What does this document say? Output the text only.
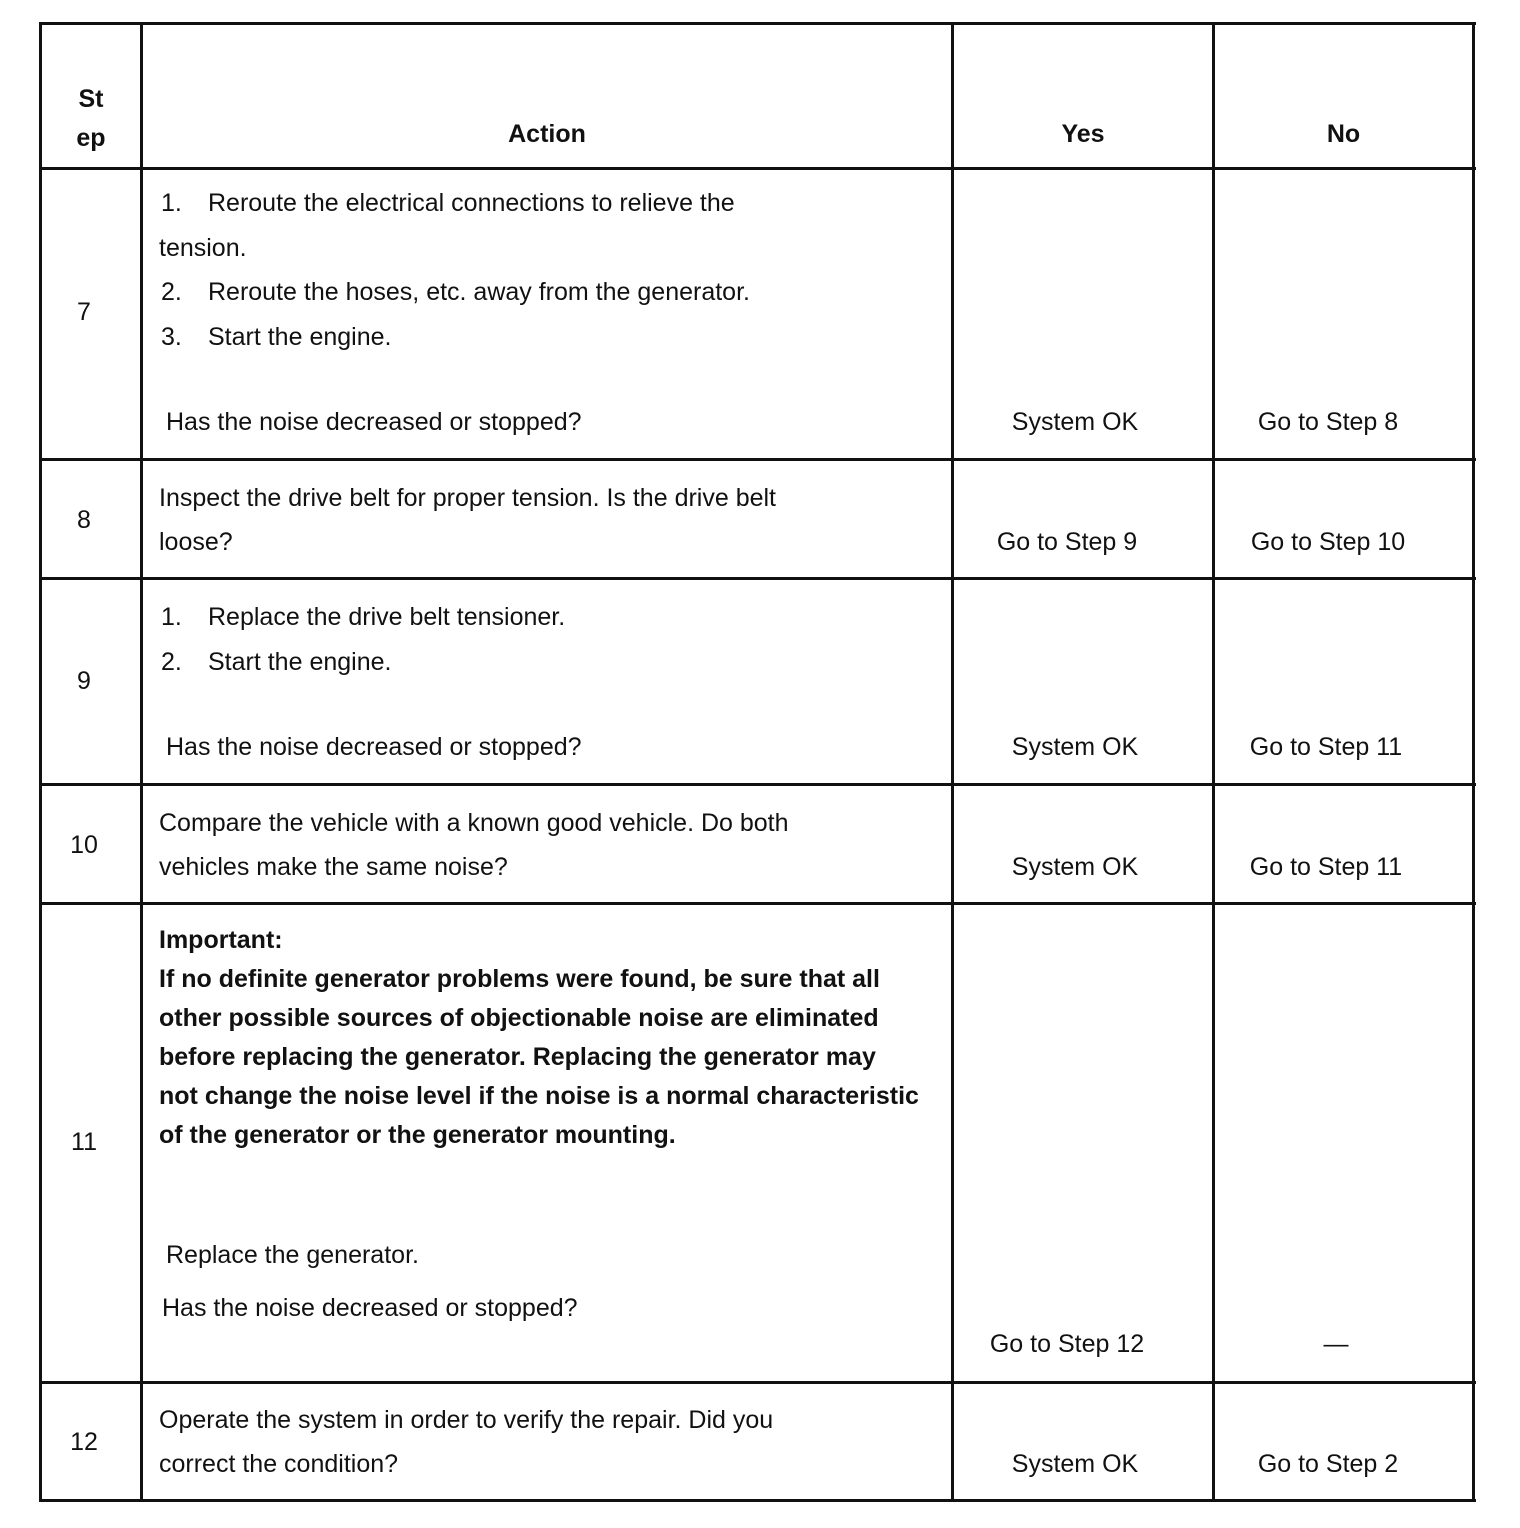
St
ep	Action	Yes	No
7
1. Reroute the electrical connections to relieve the
tension.
2. Reroute the hoses, etc. away from the generator.
3. Start the engine.
Has the noise decreased or stopped?	System OK	Go to Step 8
8
Inspect the drive belt for proper tension. Is the drive belt
loose?	Go to Step 9	Go to Step 10
9
1. Replace the drive belt tensioner.
2. Start the engine.
Has the noise decreased or stopped?	System OK	Go to Step 11
10
Compare the vehicle with a known good vehicle. Do both
vehicles make the same noise?	System OK	Go to Step 11
11
Important:
If no definite generator problems were found, be sure that all other possible sources of objectionable noise are eliminated before replacing the generator. Replacing the generator may not change the noise level if the noise is a normal characteristic of the generator or the generator mounting.
Replace the generator.
Has the noise decreased or stopped?
Go to Step 12	—
12
Operate the system in order to verify the repair. Did you
correct the condition?	System OK	Go to Step 2
